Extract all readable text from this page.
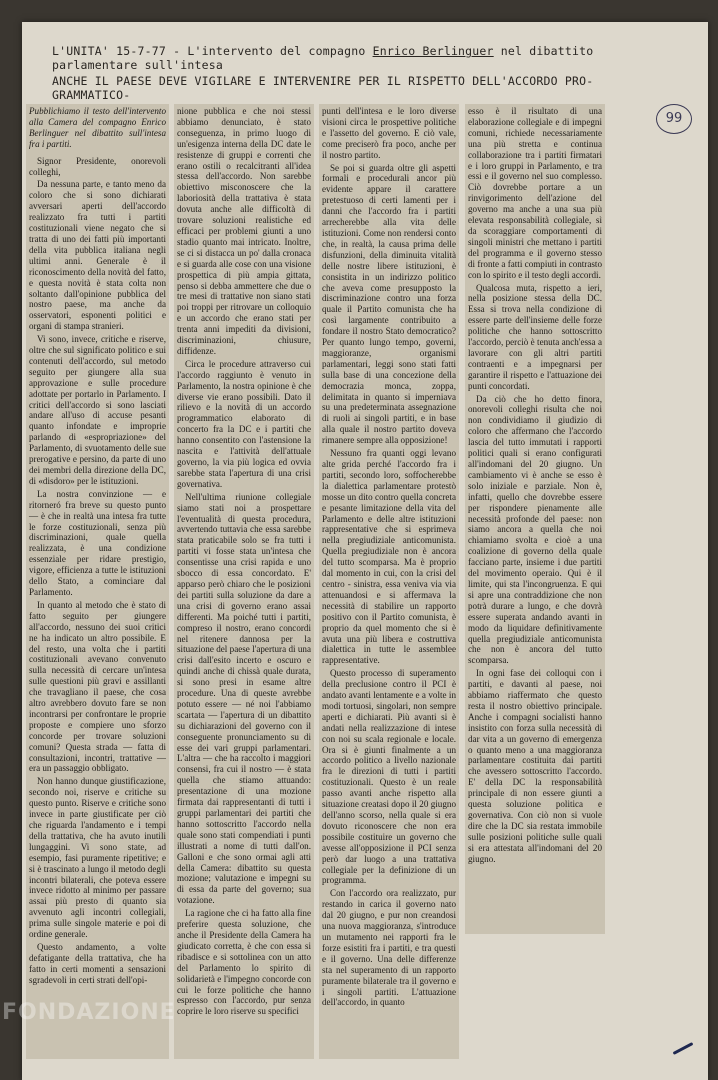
L'UNITA' 15-7-77 - L'intervento del compagno Enrico Berlinguer nel dibattito
parlamentare sull'intesa
ANCHE IL PAESE DEVE VIGILARE E INTERVENIRE PER IL RISPETTO DELL'ACCORDO PRO-
GRAMMATICO-
99

Pubblichiamo il testo dell'intervento alla Camera del compagno Enrico Berlinguer nel dibattito sull'intesa fra i partiti.

Signor Presidente, onorevoli colleghi,

Da nessuna parte, e tanto meno da coloro che si sono dichiarati avversari aperti dell'accordo realizzato fra tutti i partiti costituzionali viene negato che si tratta di uno dei fatti più importanti della vita pubblica italiana negli ultimi anni. Generale è il riconoscimento della novità del fatto, e questa novità è stata colta non soltanto dall'opinione pubblica del nostro paese, ma anche da osservatori, esponenti politici e organi di stampa stranieri.

Vi sono, invece, critiche e riserve, oltre che sul significato politico e sui contenuti dell'accordo, sul metodo seguito per giungere alla sua approvazione e sulle procedure adottate per portarlo in Parlamento. I critici dell'accordo si sono lasciati andare all'uso di accuse pesanti quanto infondate e improprie parlando di «espropriazione» del Parlamento, di svuotamento delle sue prerogative e persino, da parte di uno dei membri della direzione della DC, di «disdoro» per le istituzioni.

La nostra convinzione — e ritorneró fra breve su questo punto — è che in realtà una intesa fra tutte le forze costituzionali, senza più discriminazioni, quale quella realizzata, è una condizione essenziale per ridare prestigio, vigore, efficienza a tutte le istituzioni dello Stato, a cominciare dal Parlamento.

In quanto al metodo che è stato di fatto seguito per giungere all'accordo, nessuno dei suoi critici ne ha indicato un altro possibile. E del resto, una volta che i partiti costituzionali avevano convenuto sulla necessità di cercare un'intesa sulle questioni più gravi e assillanti che travagliano il paese, che cosa altro avrebbero dovuto fare se non incontrarsi per confrontare le proprie proposte e compiere uno sforzo concorde per trovare soluzioni comuni? Questa strada — fatta di consultazioni, incontri, trattative — era un passaggio obbligato.

Non hanno dunque giustificazione, secondo noi, riserve e critiche su questo punto. Riserve e critiche sono invece in parte giustificate per ciò che riguarda l'andamento e i tempi della trattativa, che ha avuto inutili lungaggini. Vi sono state, ad esempio, fasi puramente ripetitive; e si è trascinato a lungo il metodo degli incontri bilaterali, che poteva essere invece ridotto al minimo per passare assai più presto di quanto sia avvenuto agli incontri collegiali, prima sulle singole materie e poi di ordine generale.

Questo andamento, a volte defatigante della trattativa, che ha fatto in certi momenti a sensazioni sgradevoli in certi strati dell'opi-

nione pubblica e che noi stessi abbiamo denunciato, è stato conseguenza, in primo luogo di un'esigenza interna della DC date le resistenze di gruppi e correnti che erano ostili o recalcitranti all'idea stessa dell'accordo. Non sarebbe obiettivo misconoscere che la laboriosità della trattativa è stata dovuta anche alle difficoltà di trovare soluzioni realistiche ed efficaci per problemi giunti a uno stadio quanto mai intricato. Inoltre, se ci si distacca un po' dalla cronaca e si guarda alle cose con una visione prospettica di più ampia gittata, penso si debba ammettere che due o tre mesi di trattative non siano stati poi troppi per ritrovare un colloquio e un accordo che erano stati per trenta anni impediti da divisioni, discriminazioni, chiusure, diffidenze.

Circa le procedure attraverso cui l'accordo raggiunto è venuto in Parlamento, la nostra opinione è che diverse vie erano possibili. Dato il rilievo e la novità di un accordo programmatico elaborato di concerto fra la DC e i partiti che hanno consentito con l'astensione la nascita e l'attività dell'attuale governo, la via più logica ed ovvia sarebbe stata l'apertura di una crisi governativa.

Nell'ultima riunione collegiale siamo stati noi a prospettare l'eventualità di questa procedura, avvertendo tuttavia che essa sarebbe stata praticabile solo se fra tutti i partiti vi fosse stata un'intesa che consentisse una crisi rapida e uno sbocco di essa concordato. E' apparso però chiaro che le posizioni dei partiti sulla soluzione da dare a una crisi di governo erano assai differenti. Ma poiché tutti i partiti, compreso il nostro, erano concordi nel ritenere dannosa per la situazione del paese l'apertura di una crisi dall'esito incerto e oscuro e quindi anche di chissà quale durata, si sono presi in esame altre procedure. Una di queste avrebbe potuto essere — né noi l'abbiamo scartata — l'apertura di un dibattito su dichiarazioni del governo con il conseguente pronunciamento su di esse dei vari gruppi parlamentari. L'altra — che ha raccolto i maggiori consensi, fra cui il nostro — è stata quella che stiamo attuando: presentazione di una mozione firmata dai rappresentanti di tutti i gruppi parlamentari dei partiti che hanno sottoscritto l'accordo nella quale sono stati compendiati i punti illustrati a nome di tutti dall'on. Galloni e che sono ormai agli atti della Camera: dibattito su questa mozione; valutazione e impegni su di essa da parte del governo; sua votazione.

La ragione che ci ha fatto alla fine preferire questa soluzione, che anche il Presidente della Camera ha giudicato corretta, è che con essa si ribadisce e si sottolinea con un atto del Parlamento lo spirito di solidarietà e l'impegno concorde con cui le forze politiche che hanno espresso con l'accordo, pur senza coprire le loro riserve su specifici

punti dell'intesa e le loro diverse visioni circa le prospettive politiche e l'assetto del governo. E ciò vale, come preciserò fra poco, anche per il nostro partito.

Se poi si guarda oltre gli aspetti formali e procedurali ancor più evidente appare il carattere pretestuoso di certi lamenti per i danni che l'accordo fra i partiti arrecherebbe alla vita delle istituzioni. Come non rendersi conto che, in realtà, la causa prima delle disfunzioni, della diminuita vitalità delle nostre libere istituzioni, è consistita in un indirizzo politico che aveva come presupposto la discriminazione contro una forza quale il Partito comunista che ha così largamente contribuito a fondare il nostro Stato democratico? Per quanto lungo tempo, governi, maggioranze, organismi parlamentari, leggi sono stati fatti sulla base di una concezione della democrazia monca, zoppa, delimitata in quanto si imperniava su una predeterminata assegnazione di ruoli ai singoli partiti, e in base alla quale il nostro partito doveva rimanere sempre alla opposizione!

Nessuno fra quanti oggi levano alte grida perché l'accordo fra i partiti, secondo loro, soffocherebbe la dialettica parlamentare protestò mosse un dito contro quella concreta e pesante limitazione della vita del Parlamento e delle altre istituzioni rappresentative che si esprimeva nella pregiudiziale anticomunista. Quella pregiudiziale non è ancora del tutto scomparsa. Ma è proprio dal momento in cui, con la crisi del centro - sinistra, essa veniva via via attenuandosi e si affermava la necessità di stabilire un rapporto positivo con il Partito comunista, è proprio da quel momento che si è avuta una più libera e costruttiva dialettica in tutte le assemblee rappresentative.

Questo processo di superamento della preclusione contro il PCI è andato avanti lentamente e a volte in modi tortuosi, singolari, non sempre aperti e dichiarati. Più avanti si è andati nella realizzazione di intese con noi su scala regionale e locale. Ora si è giunti finalmente a un accordo politico a livello nazionale fra le direzioni di tutti i partiti costituzionali. Questo è un reale passo avanti anche rispetto alla situazione creatasi dopo il 20 giugno dell'anno scorso, nella quale si era dovuto riconoscere che non era possibile costituire un governo che avesse all'opposizione il PCI senza però dar luogo a una trattativa collegiale per la definizione di un programma.

Con l'accordo ora realizzato, pur restando in carica il governo nato dal 20 giugno, e pur non creandosi una nuova maggioranza, s'introduce un mutamento nei rapporti fra le forze esistiti fra i partiti, e tra questi e il governo. Una delle differenze sta nel superamento di un rapporto puramente bilaterale tra il governo e i singoli partiti. L'attuazione dell'accordo, in quanto

esso è il risultato di una elaborazione collegiale e di impegni comuni, richiede necessariamente una più stretta e continua collaborazione tra i partiti firmatari e i loro gruppi in Parlamento, e tra essi e il governo nel suo complesso. Ciò dovrebbe portare a un rinvigorimento dell'azione del governo ma anche a una sua più elevata responsabilità collegiale, sì da scoraggiare comportamenti di singoli ministri che mettano i partiti del programma e il governo stesso di fronte a fatti compiuti in contrasto con lo spirito e il testo degli accordi.

Qualcosa muta, rispetto a ieri, nella posizione stessa della DC. Essa si trova nella condizione di essere parte dell'insieme delle forze politiche che hanno sottoscritto l'accordo, perciò è tenuta anch'essa a lavorare con gli altri partiti contraenti e a impegnarsi per garantire il rispetto e l'attuazione dei punti concordati.

Da ciò che ho detto finora, onorevoli colleghi risulta che noi non condividiamo il giudizio di coloro che affermano che l'accordo lascia del tutto immutati i rapporti politici quali si erano configurati all'indomani del 20 giugno. Un cambiamento vi è anche se esso è solo iniziale e parziale. Non è, infatti, quello che dovrebbe essere per rispondere pienamente alle necessità profonde del paese: non siamo ancora a quella che noi chiamiamo svolta e cioè a una coalizione di governo della quale facciano parte, insieme i due partiti del movimento operaio. Qui è il limite, qui sta l'incongruenza. E qui si apre una contraddizione che non potrà durare a lungo, e che dovrà essere superata andando avanti in modo da liquidare definitivamente quella pregiudiziale anticomunista che non è ancora del tutto scomparsa.

In ogni fase dei colloqui con i partiti, e davanti al paese, noi abbiamo riaffermato che questo resta il nostro obiettivo principale. Anche i compagni socialisti hanno insistito con forza sulla necessità di dar vita a un governo di emergenza o quanto meno a una maggioranza parlamentare costituita dai partiti che avessero sottoscritto l'accordo. E' della DC la responsabilità principale di non essere giunti a questa soluzione politica e governativa. Con ciò non si vuole dire che la DC sia restata immobile sulle posizioni politiche sulle quali si era attestata all'indomani del 20 giugno.

FONDAZIONE
